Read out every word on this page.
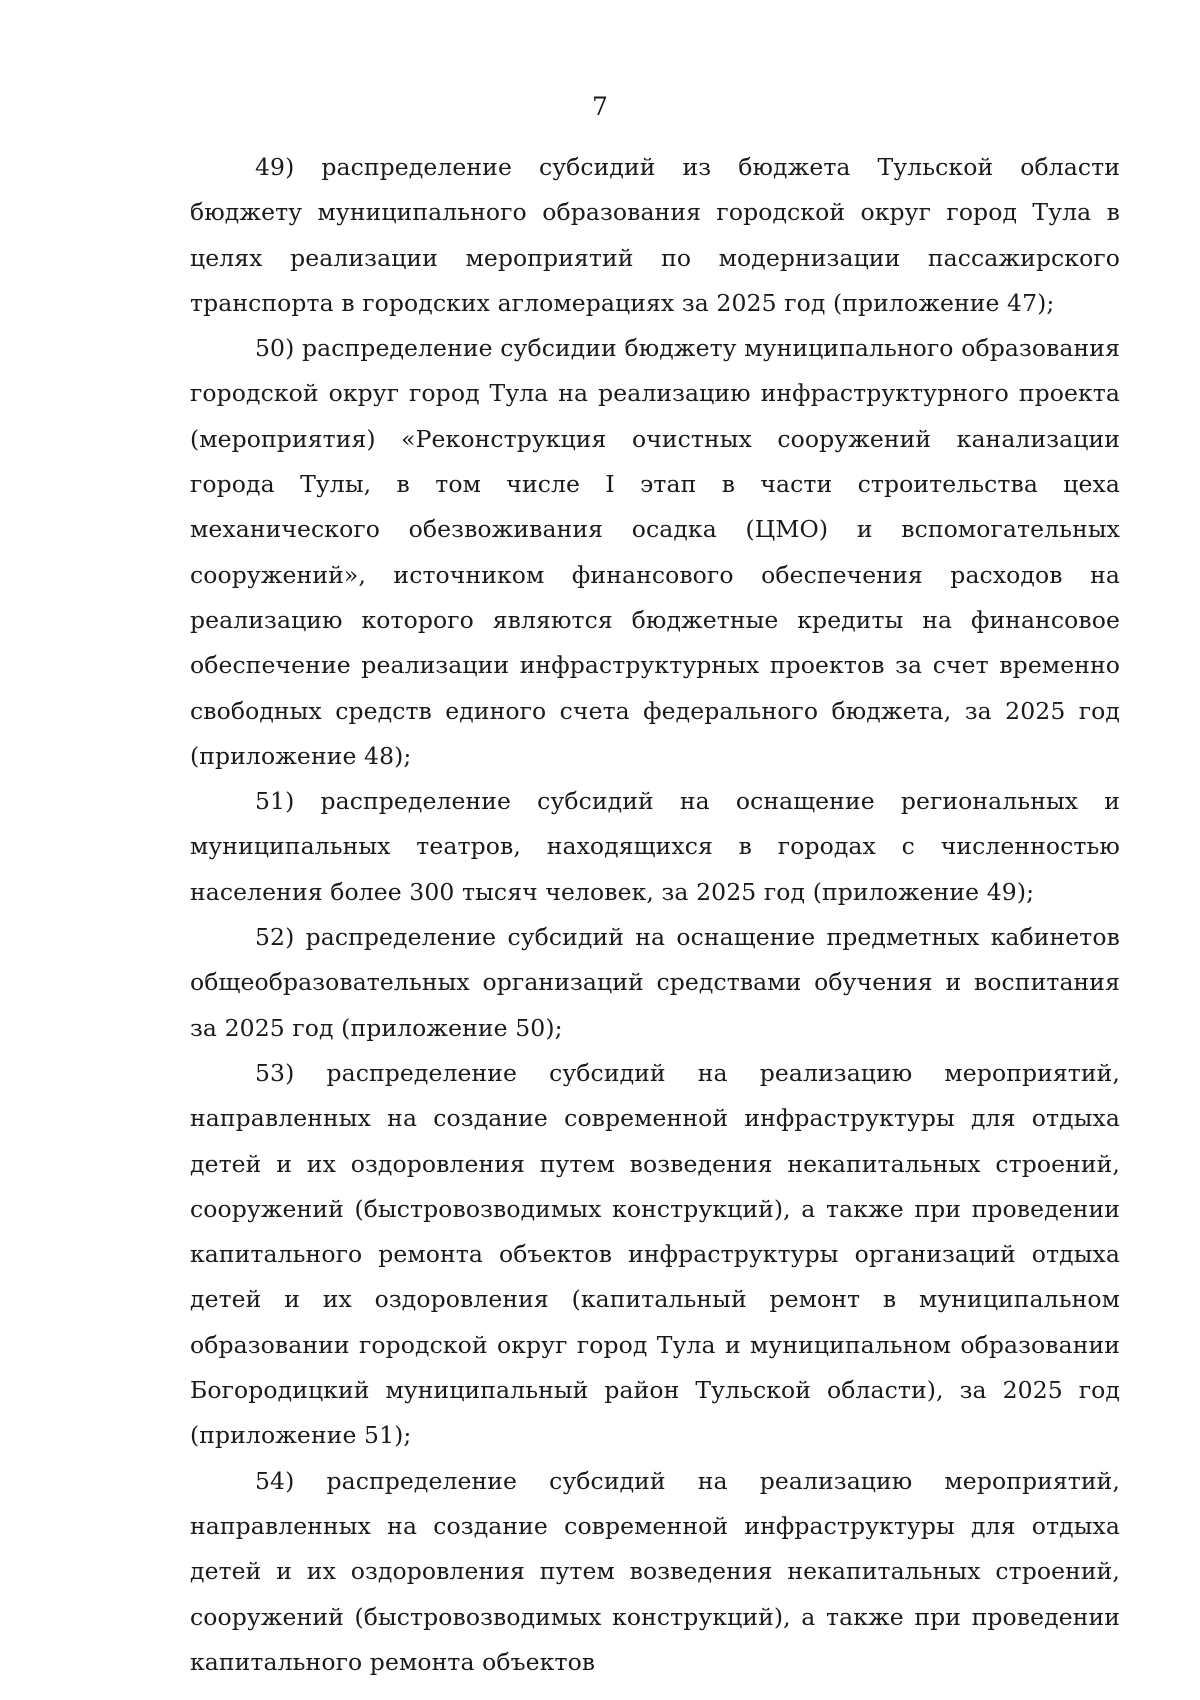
7

49) распределение субсидий из бюджета Тульской области бюджету муниципального образования городской округ город Тула в целях реализации мероприятий по модернизации пассажирского транспорта в городских агломерациях за 2025 год (приложение 47);

50) распределение субсидии бюджету муниципального образования городской округ город Тула на реализацию инфраструктурного проекта (мероприятия) «Реконструкция очистных сооружений канализации города Тулы, в том числе I этап в части строительства цеха механического обезвоживания осадка (ЦМО) и вспомогательных сооружений», источником финансового обеспечения расходов на реализацию которого являются бюджетные кредиты на финансовое обеспечение реализации инфраструктурных проектов за счет временно свободных средств единого счета федерального бюджета, за 2025 год (приложение 48);

51) распределение субсидий на оснащение региональных и муниципальных театров, находящихся в городах с численностью населения более 300 тысяч человек, за 2025 год (приложение 49);

52) распределение субсидий на оснащение предметных кабинетов общеобразовательных организаций средствами обучения и воспитания за 2025 год (приложение 50);

53) распределение субсидий на реализацию мероприятий, направленных на создание современной инфраструктуры для отдыха детей и их оздоровления путем возведения некапитальных строений, сооружений (быстровозводимых конструкций), а также при проведении капитального ремонта объектов инфраструктуры организаций отдыха детей и их оздоровления (капитальный ремонт в муниципальном образовании городской округ город Тула и муниципальном образовании Богородицкий муниципальный район Тульской области), за 2025 год (приложение 51);

54) распределение субсидий на реализацию мероприятий, направленных на создание современной инфраструктуры для отдыха детей и их оздоровления путем возведения некапитальных строений, сооружений (быстровозводимых конструкций), а также при проведении капитального ремонта объектов
